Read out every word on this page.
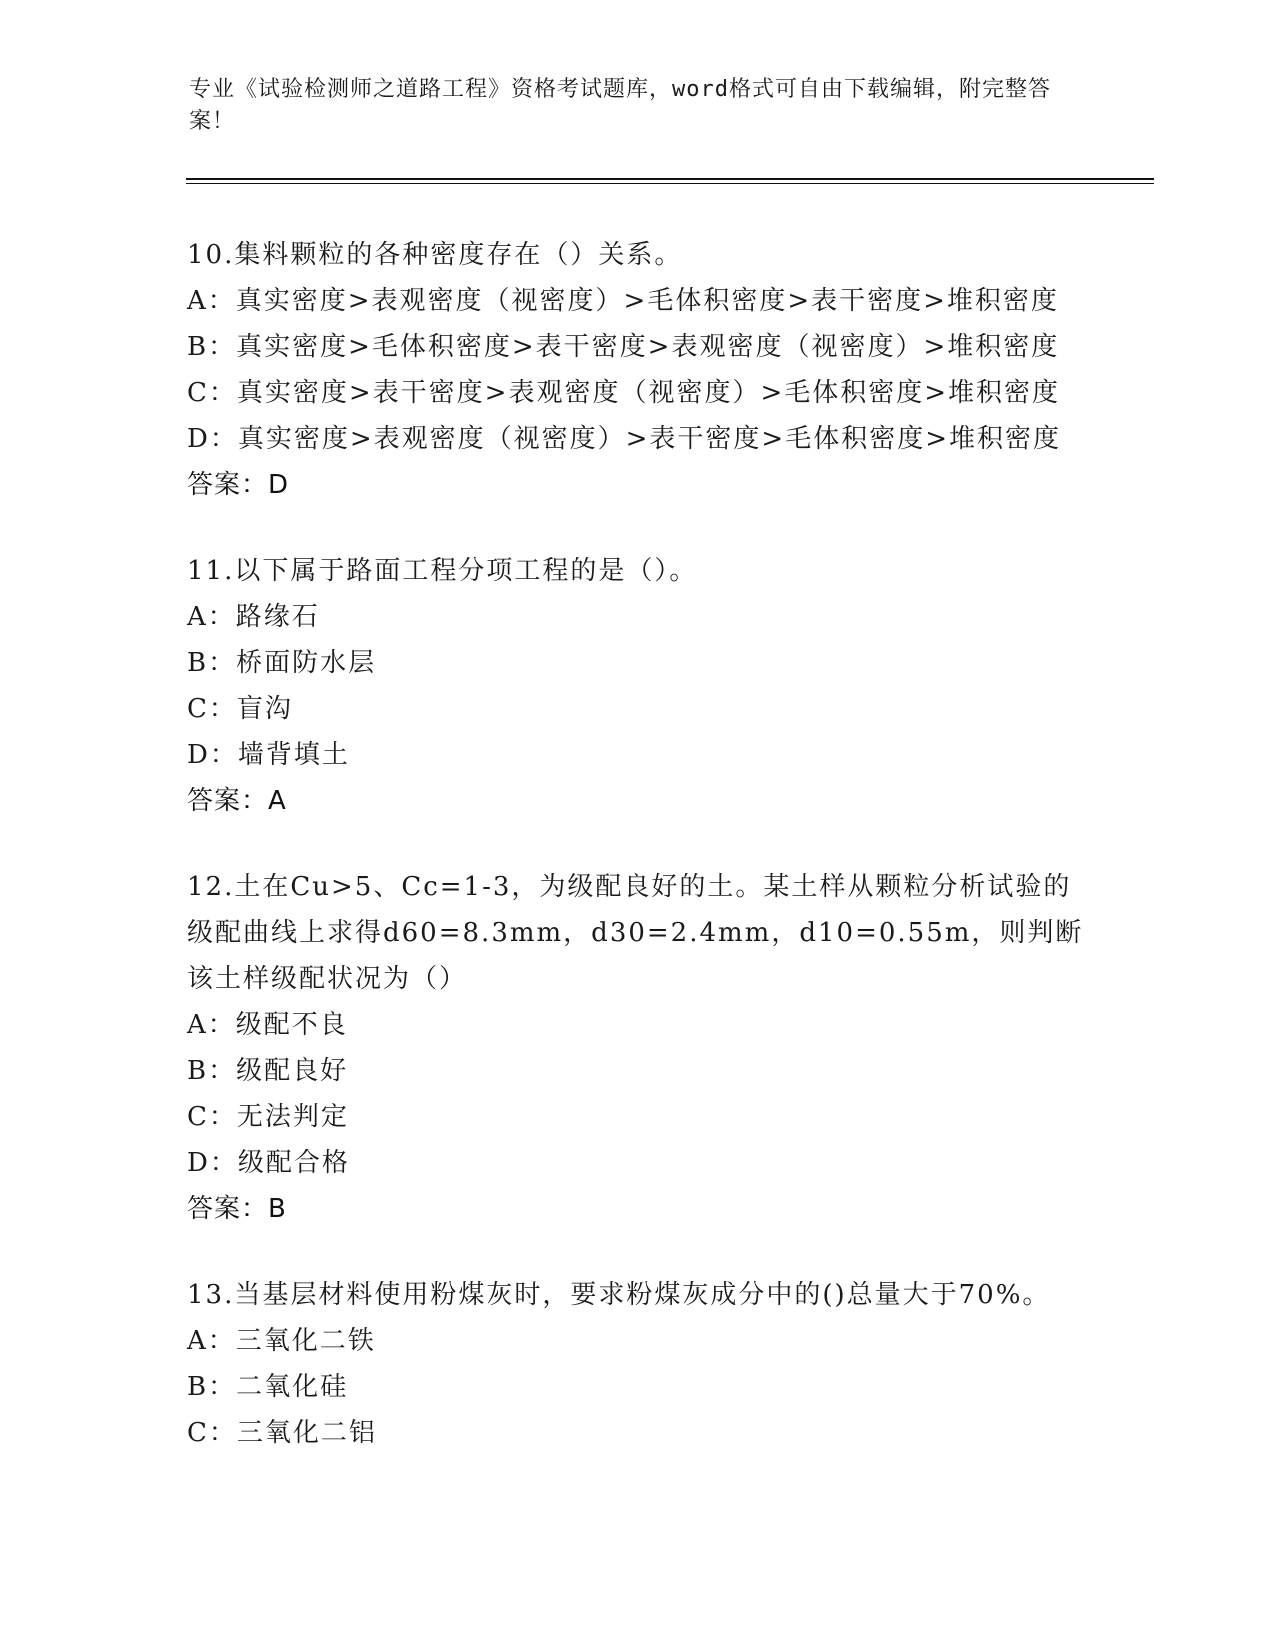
专业《试验检测师之道路工程》资格考试题库，word格式可自由下载编辑，附完整答案！
10.集料颗粒的各种密度存在（）关系。
A：真实密度>表观密度（视密度）>毛体积密度>表干密度>堆积密度
B：真实密度>毛体积密度>表干密度>表观密度（视密度）>堆积密度
C：真实密度>表干密度>表观密度（视密度）>毛体积密度>堆积密度
D：真实密度>表观密度（视密度）>表干密度>毛体积密度>堆积密度
答案：D
11.以下属于路面工程分项工程的是（）。
A：路缘石
B：桥面防水层
C：盲沟
D：墙背填土
答案：A
12.土在Cu>5、Cc=1-3，为级配良好的土。某土样从颗粒分析试验的级配曲线上求得d60=8.3mm，d30=2.4mm，d10=0.55m，则判断该土样级配状况为（）
A：级配不良
B：级配良好
C：无法判定
D：级配合格
答案：B
13.当基层材料使用粉煤灰时，要求粉煤灰成分中的()总量大于70%。
A：三氧化二铁
B：二氧化硅
C：三氧化二铝
